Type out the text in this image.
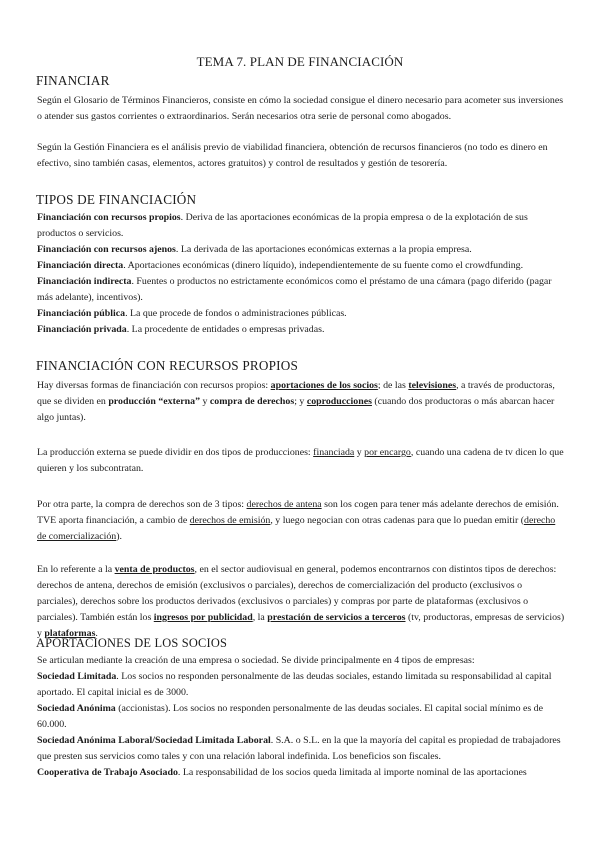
TEMA 7. PLAN DE FINANCIACIÓN
FINANCIAR
Según el Glosario de Términos Financieros, consiste en cómo la sociedad consigue el dinero necesario para acometer sus inversiones o atender sus gastos corrientes o extraordinarios. Serán necesarios otra serie de personal como abogados.
Según la Gestión Financiera es el análisis previo de viabilidad financiera, obtención de recursos financieros (no todo es dinero en efectivo, sino también casas, elementos, actores gratuitos) y control de resultados y gestión de tesorería.
TIPOS DE FINANCIACIÓN
Financiación con recursos propios. Deriva de las aportaciones económicas de la propia empresa o de la explotación de sus productos o servicios.
Financiación con recursos ajenos. La derivada de las aportaciones económicas externas a la propia empresa.
Financiación directa. Aportaciones económicas (dinero líquido), independientemente de su fuente como el crowdfunding.
Financiación indirecta. Fuentes o productos no estrictamente económicos como el préstamo de una cámara (pago diferido (pagar más adelante), incentivos).
Financiación pública. La que procede de fondos o administraciones públicas.
Financiación privada. La procedente de entidades o empresas privadas.
FINANCIACIÓN CON RECURSOS PROPIOS
Hay diversas formas de financiación con recursos propios: aportaciones de los socios; de las televisiones, a través de productoras, que se dividen en producción “externa” y compra de derechos; y coproducciones (cuando dos productoras o más abarcan hacer algo juntas).
La producción externa se puede dividir en dos tipos de producciones: financiada y por encargo, cuando una cadena de tv dicen lo que quieren y los subcontratan.
Por otra parte, la compra de derechos son de 3 tipos: derechos de antena son los cogen para tener más adelante derechos de emisión. TVE aporta financiación, a cambio de derechos de emisión, y luego negocian con otras cadenas para que lo puedan emitir (derecho de comercialización).
En lo referente a la venta de productos, en el sector audiovisual en general, podemos encontrarnos con distintos tipos de derechos: derechos de antena, derechos de emisión (exclusivos o parciales), derechos de comercialización del producto (exclusivos o parciales), derechos sobre los productos derivados (exclusivos o parciales) y compras por parte de plataformas (exclusivos o parciales). También están los ingresos por publicidad, la prestación de servicios a terceros (tv, productoras, empresas de servicios) y plataformas.
APORTACIONES DE LOS SOCIOS
Se articulan mediante la creación de una empresa o sociedad. Se divide principalmente en 4 tipos de empresas:
Sociedad Limitada. Los socios no responden personalmente de las deudas sociales, estando limitada su responsabilidad al capital aportado. El capital inicial es de 3000.
Sociedad Anónima (accionistas). Los socios no responden personalmente de las deudas sociales. El capital social mínimo es de 60.000.
Sociedad Anónima Laboral/Sociedad Limitada Laboral. S.A. o S.L. en la que la mayoría del capital es propiedad de trabajadores que presten sus servicios como tales y con una relación laboral indefinida. Los beneficios son fiscales.
Cooperativa de Trabajo Asociado. La responsabilidad de los socios queda limitada al importe nominal de las aportaciones
